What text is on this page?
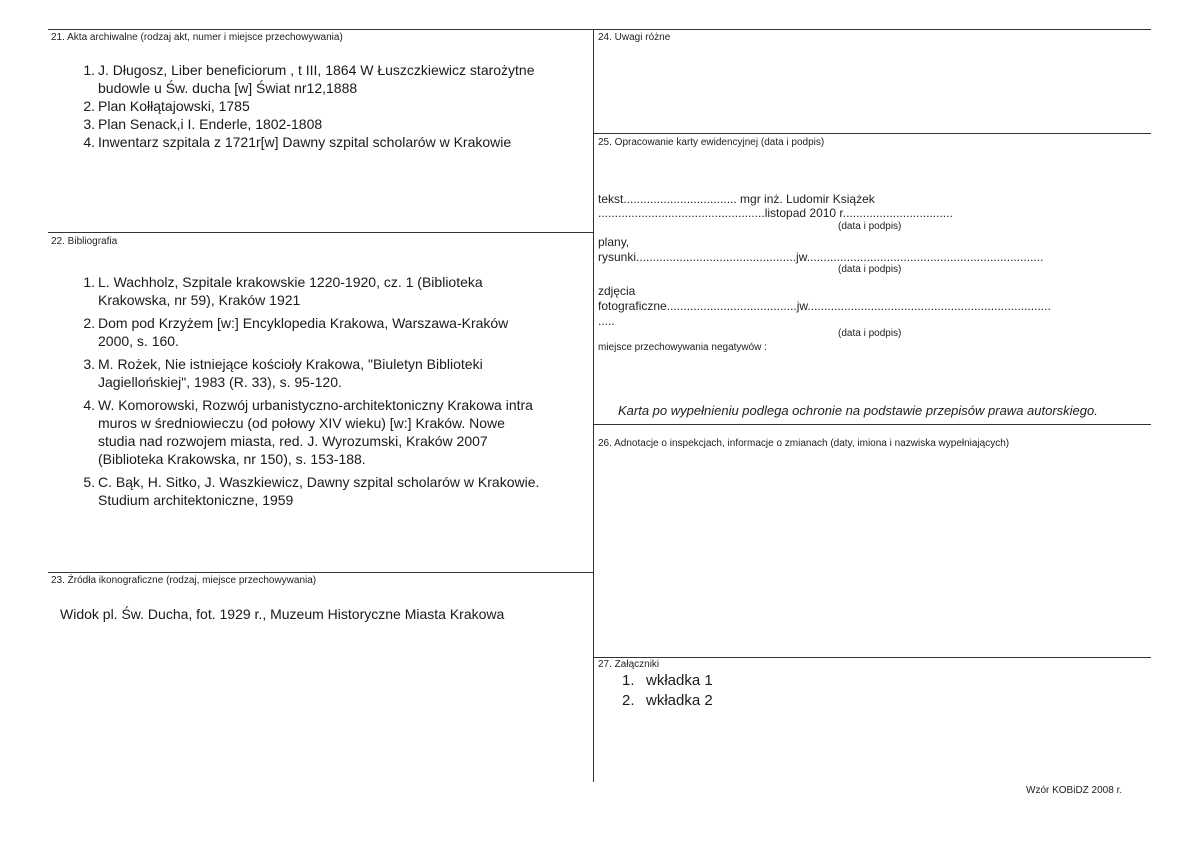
21. Akta archiwalne (rodzaj akt, numer i miejsce przechowywania)
1. J. Długosz, Liber beneficiorum , t III, 1864 W Łuszczkiewicz starożytne
budowle u Św. ducha [w] Świat nr12,1888
2. Plan Kołłątajowski, 1785
3. Plan Senack,i I. Enderle, 1802-1808
4. Inwentarz szpitala z 1721r[w] Dawny szpital scholarów w Krakowie
22. Bibliografia
1. L. Wachholz, Szpitale krakowskie 1220-1920, cz. 1 (Biblioteka
Krakowska, nr 59), Kraków 1921
2. Dom pod Krzyżem [w:] Encyklopedia Krakowa, Warszawa-Kraków
2000, s. 160.
3. M. Rożek, Nie istniejące kościoły Krakowa, "Biuletyn Biblioteki
Jagiellońskiej", 1983 (R. 33), s. 95-120.
4. W. Komorowski, Rozwój urbanistyczno-architektoniczny Krakowa intra
muros w średniowieczu (od połowy XIV wieku) [w:] Kraków. Nowe
studia nad rozwojem miasta, red. J. Wyrozumski, Kraków 2007
(Biblioteka Krakowska, nr 150), s. 153-188.
5. C. Bąk, H. Sitko, J. Waszkiewicz, Dawny szpital scholarów w Krakowie.
Studium architektoniczne, 1959
23. Źródła ikonograficzne (rodzaj, miejsce przechowywania)
Widok pl. Św. Ducha, fot. 1929 r., Muzeum Historyczne Miasta Krakowa
24. Uwagi różne
25. Opracowanie karty ewidencyjnej (data i podpis)
tekst.................................. mgr inż. Ludomir Książek
..................................................listopad 2010 r.................................
(data i podpis)
plany,
rysunki................................................jw.......................................................................
(data i podpis)
zdjęcia
fotograficzne.......................................jw.........................................................................
.....
(data i podpis)
miejsce przechowywania negatywów :
Karta po wypełnieniu podlega ochronie na podstawie przepisów prawa autorskiego.
26. Adnotacje o inspekcjach, informacje o zmianach (daty, imiona i nazwiska wypełniających)
27. Załączniki
1. wkładka 1
2. wkładka 2
Wzór KOBiDZ 2008 r.
